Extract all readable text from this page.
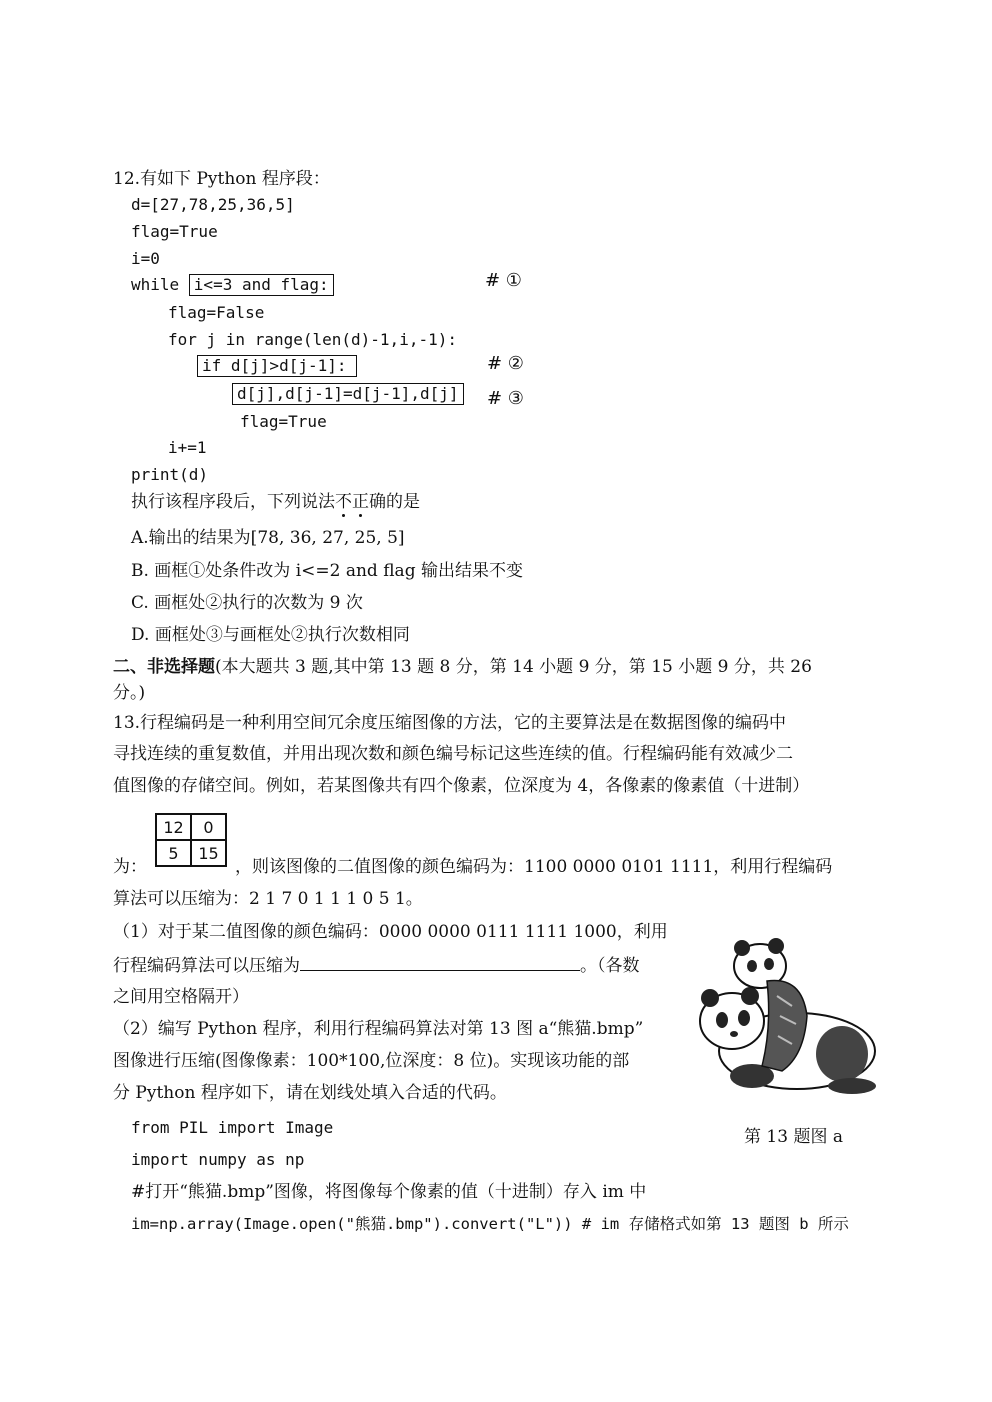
12.有如下 Python 程序段：
d=[27,78,25,36,5]
flag=True
i=0
while i<=3 and flag:	# ①
flag=False
for j in range(len(d)-1,i,-1):
if d[j]>d[j-1]:	# ②
d[j],d[j-1]=d[j-1],d[j] # ③
flag=True
i+=1
print(d)
执行该程序段后，下列说法不正确的是
A.输出的结果为[78, 36, 27, 25, 5]
B. 画框①处条件改为 i<=2 and flag 输出结果不变
C. 画框处②执行的次数为 9 次
D. 画框处③与画框处②执行次数相同
二、非选择题(本大题共 3 题,其中第 13 题 8 分，第 14 小题 9 分，第 15 小题 9 分，共 26
分。)
13.行程编码是一种利用空间冗余度压缩图像的方法，它的主要算法是在数据图像的编码中
寻找连续的重复数值，并用出现次数和颜色编号标记这些连续的值。行程编码能有效减少二
值图像的存储空间。例如，若某图像共有四个像素，位深度为 4，各像素的像素值（十进制）
12	0
5	15
为：	，则该图像的二值图像的颜色编码为：1100 0000 0101 1111，利用行程编码
算法可以压缩为：2 1 7 0 1 1 1 0 5 1。
（1）对于某二值图像的颜色编码：0000 0000 0111 1111 1000，利用
行程编码算法可以压缩为	。（各数
之间用空格隔开）
（2）编写 Python 程序，利用行程编码算法对第 13 图 a“熊猫.bmp”
图像进行压缩(图像像素：100*100,位深度：8 位)。实现该功能的部
分 Python 程序如下，请在划线处填入合适的代码。
第 13 题图 a
from PIL import Image
import numpy as np
#打开“熊猫.bmp”图像，将图像每个像素的值（十进制）存入 im 中
im=np.array(Image.open("熊猫.bmp").convert("L")) # im 存储格式如第 13 题图 b 所示
